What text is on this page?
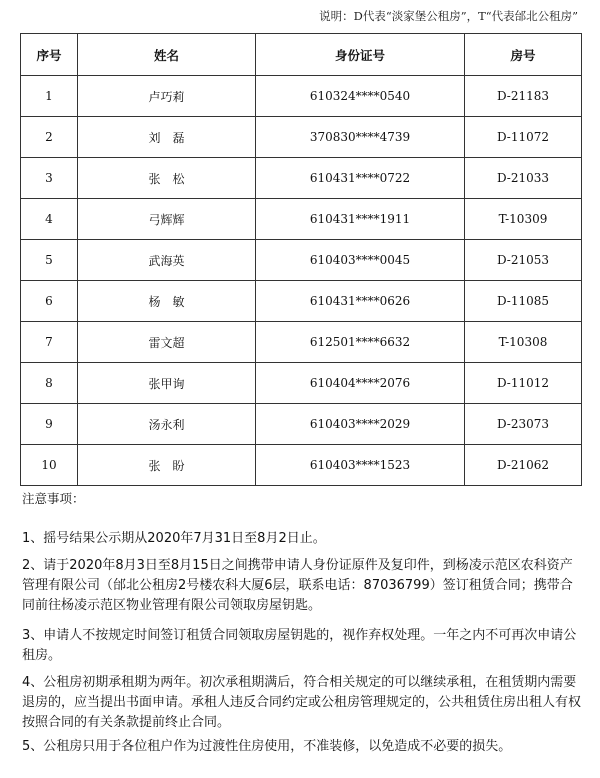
说明：D代表“淡家堡公租房”，T“代表邰北公租房”
序号	姓名	身份证号	房号
1	卢巧莉	610324****0540	D-21183
2	刘　磊	370830****4739	D-11072
3	张　松	610431****0722	D-21033
4	弓辉辉	610431****1911	T-10309
5	武海英	610403****0045	D-21053
6	杨　敏	610431****0626	D-11085
7	雷文超	612501****6632	T-10308
8	张甲询	610404****2076	D-11012
9	汤永利	610403****2029	D-23073
10	张　盼	610403****1523	D-21062
注意事项：
1、摇号结果公示期从2020年7月31日至8月2日止。
2、请于2020年8月3日至8月15日之间携带申请人身份证原件及复印件，到杨凌示范区农科资产管理有限公司（邰北公租房2号楼农科大厦6层，联系电话：87036799）签订租赁合同；携带合同前往杨凌示范区物业管理有限公司领取房屋钥匙。
3、申请人不按规定时间签订租赁合同领取房屋钥匙的，视作弃权处理。一年之内不可再次申请公租房。
4、公租房初期承租期为两年。初次承租期满后，符合相关规定的可以继续承租，在租赁期内需要退房的，应当提出书面申请。承租人违反合同约定或公租房管理规定的，公共租赁住房出租人有权按照合同的有关条款提前终止合同。
5、公租房只用于各位租户作为过渡性住房使用，不准装修，以免造成不必要的损失。
